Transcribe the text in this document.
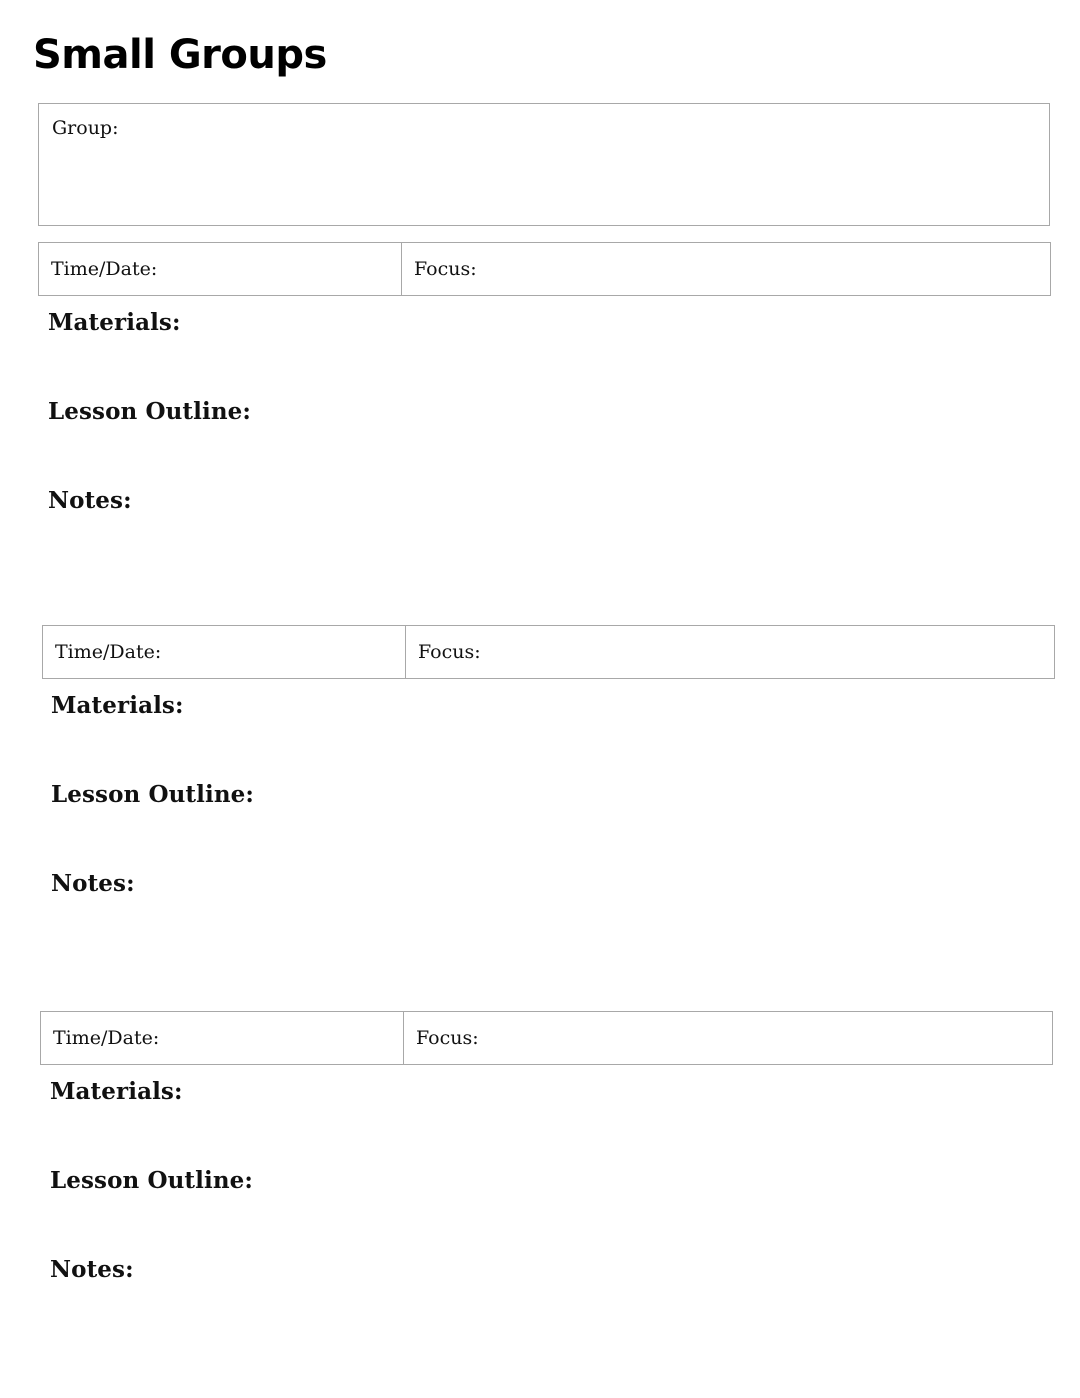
Small Groups
Group:
Time/Date:	Focus:
Materials:
Lesson Outline:
Notes:
Time/Date:	Focus:
Materials:
Lesson Outline:
Notes:
Time/Date:	Focus:
Materials:
Lesson Outline:
Notes:
